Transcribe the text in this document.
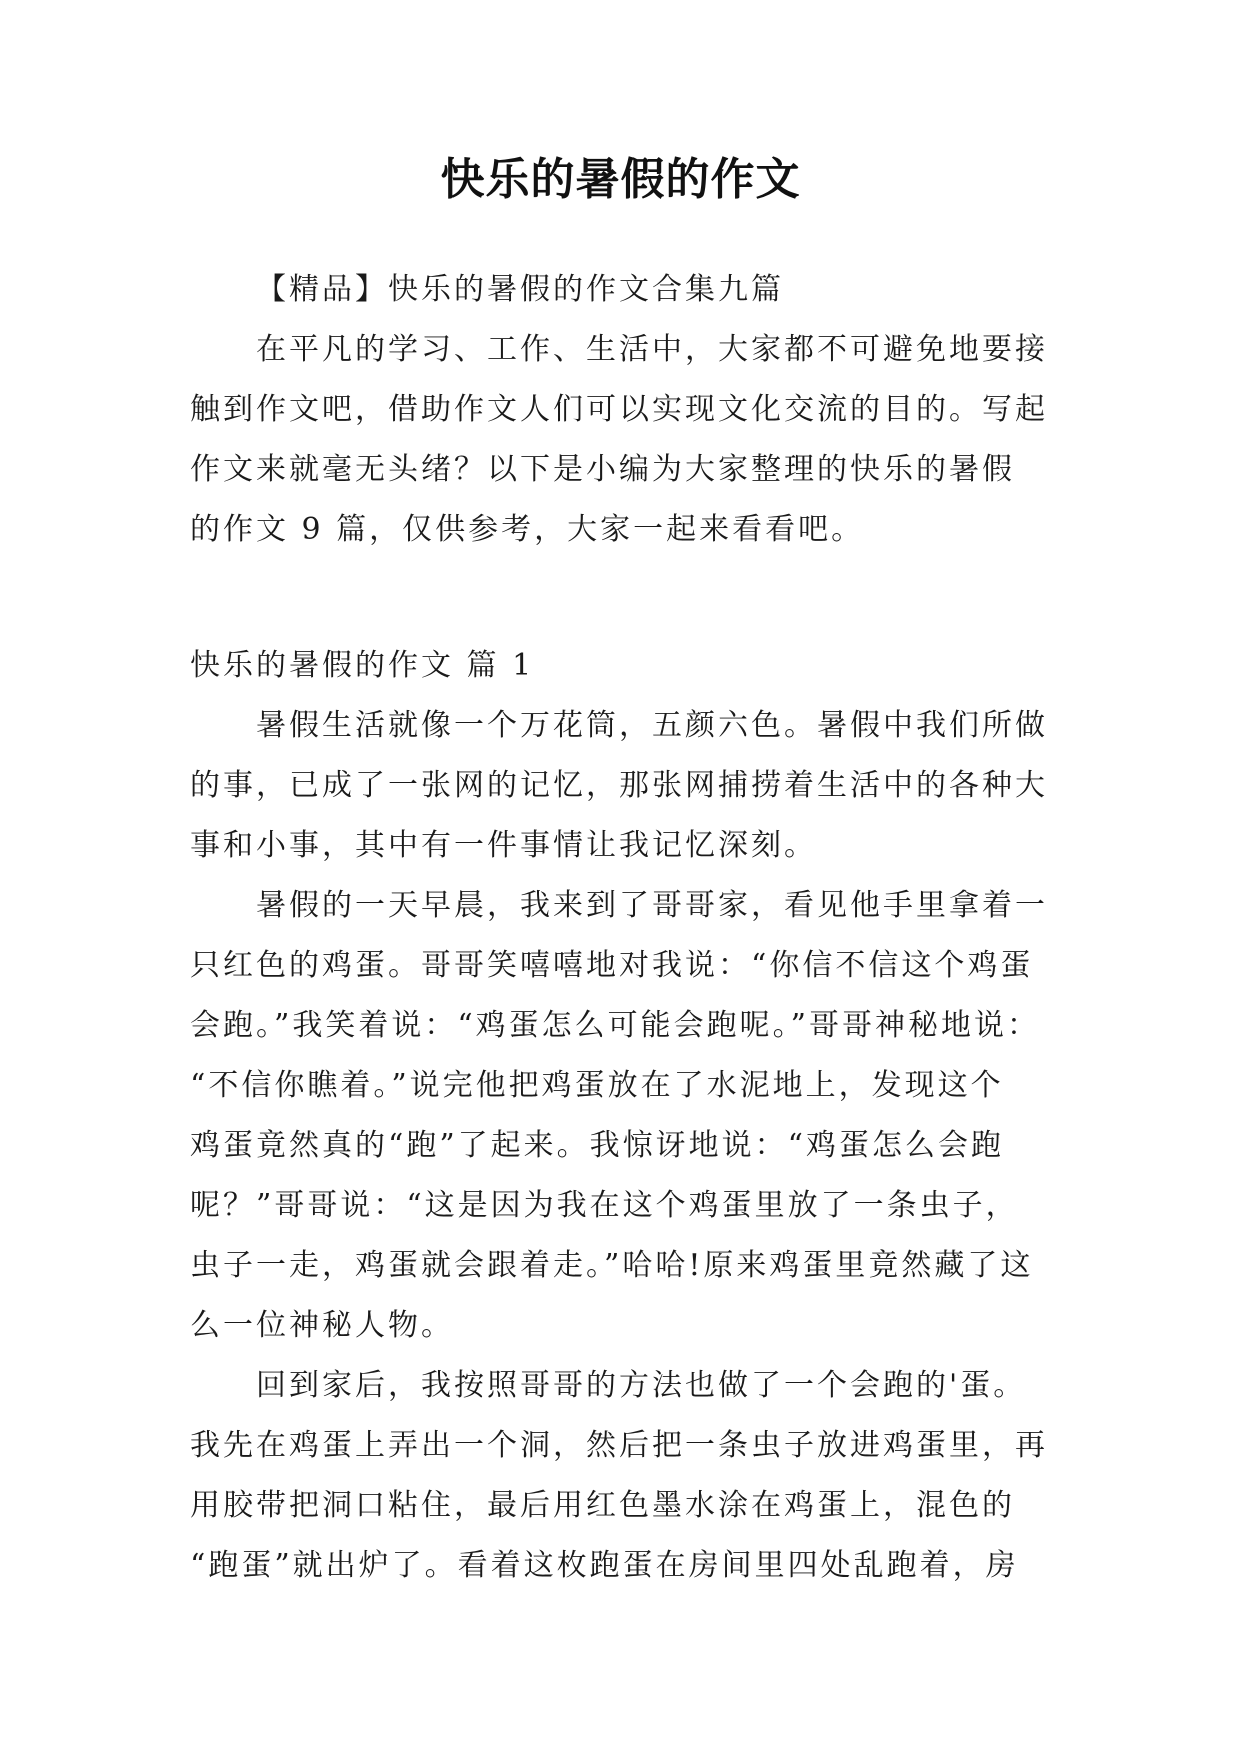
快乐的暑假的作文
【精品】快乐的暑假的作文合集九篇
在平凡的学习、工作、生活中，大家都不可避免地要接
触到作文吧，借助作文人们可以实现文化交流的目的。写起
作文来就毫无头绪？以下是小编为大家整理的快乐的暑假
的作文 9 篇，仅供参考，大家一起来看看吧。
快乐的暑假的作文 篇 1
暑假生活就像一个万花筒，五颜六色。暑假中我们所做
的事，已成了一张网的记忆，那张网捕捞着生活中的各种大
事和小事，其中有一件事情让我记忆深刻。
暑假的一天早晨，我来到了哥哥家，看见他手里拿着一
只红色的鸡蛋。哥哥笑嘻嘻地对我说：“你信不信这个鸡蛋
会跑。”我笑着说：“鸡蛋怎么可能会跑呢。”哥哥神秘地说：
“不信你瞧着。”说完他把鸡蛋放在了水泥地上，发现这个
鸡蛋竟然真的“跑”了起来。我惊讶地说：“鸡蛋怎么会跑
呢？”哥哥说：“这是因为我在这个鸡蛋里放了一条虫子，
虫子一走，鸡蛋就会跟着走。”哈哈!原来鸡蛋里竟然藏了这
么一位神秘人物。
回到家后，我按照哥哥的方法也做了一个会跑的'蛋。
我先在鸡蛋上弄出一个洞，然后把一条虫子放进鸡蛋里，再
用胶带把洞口粘住，最后用红色墨水涂在鸡蛋上，混色的
“跑蛋”就出炉了。看着这枚跑蛋在房间里四处乱跑着，房
